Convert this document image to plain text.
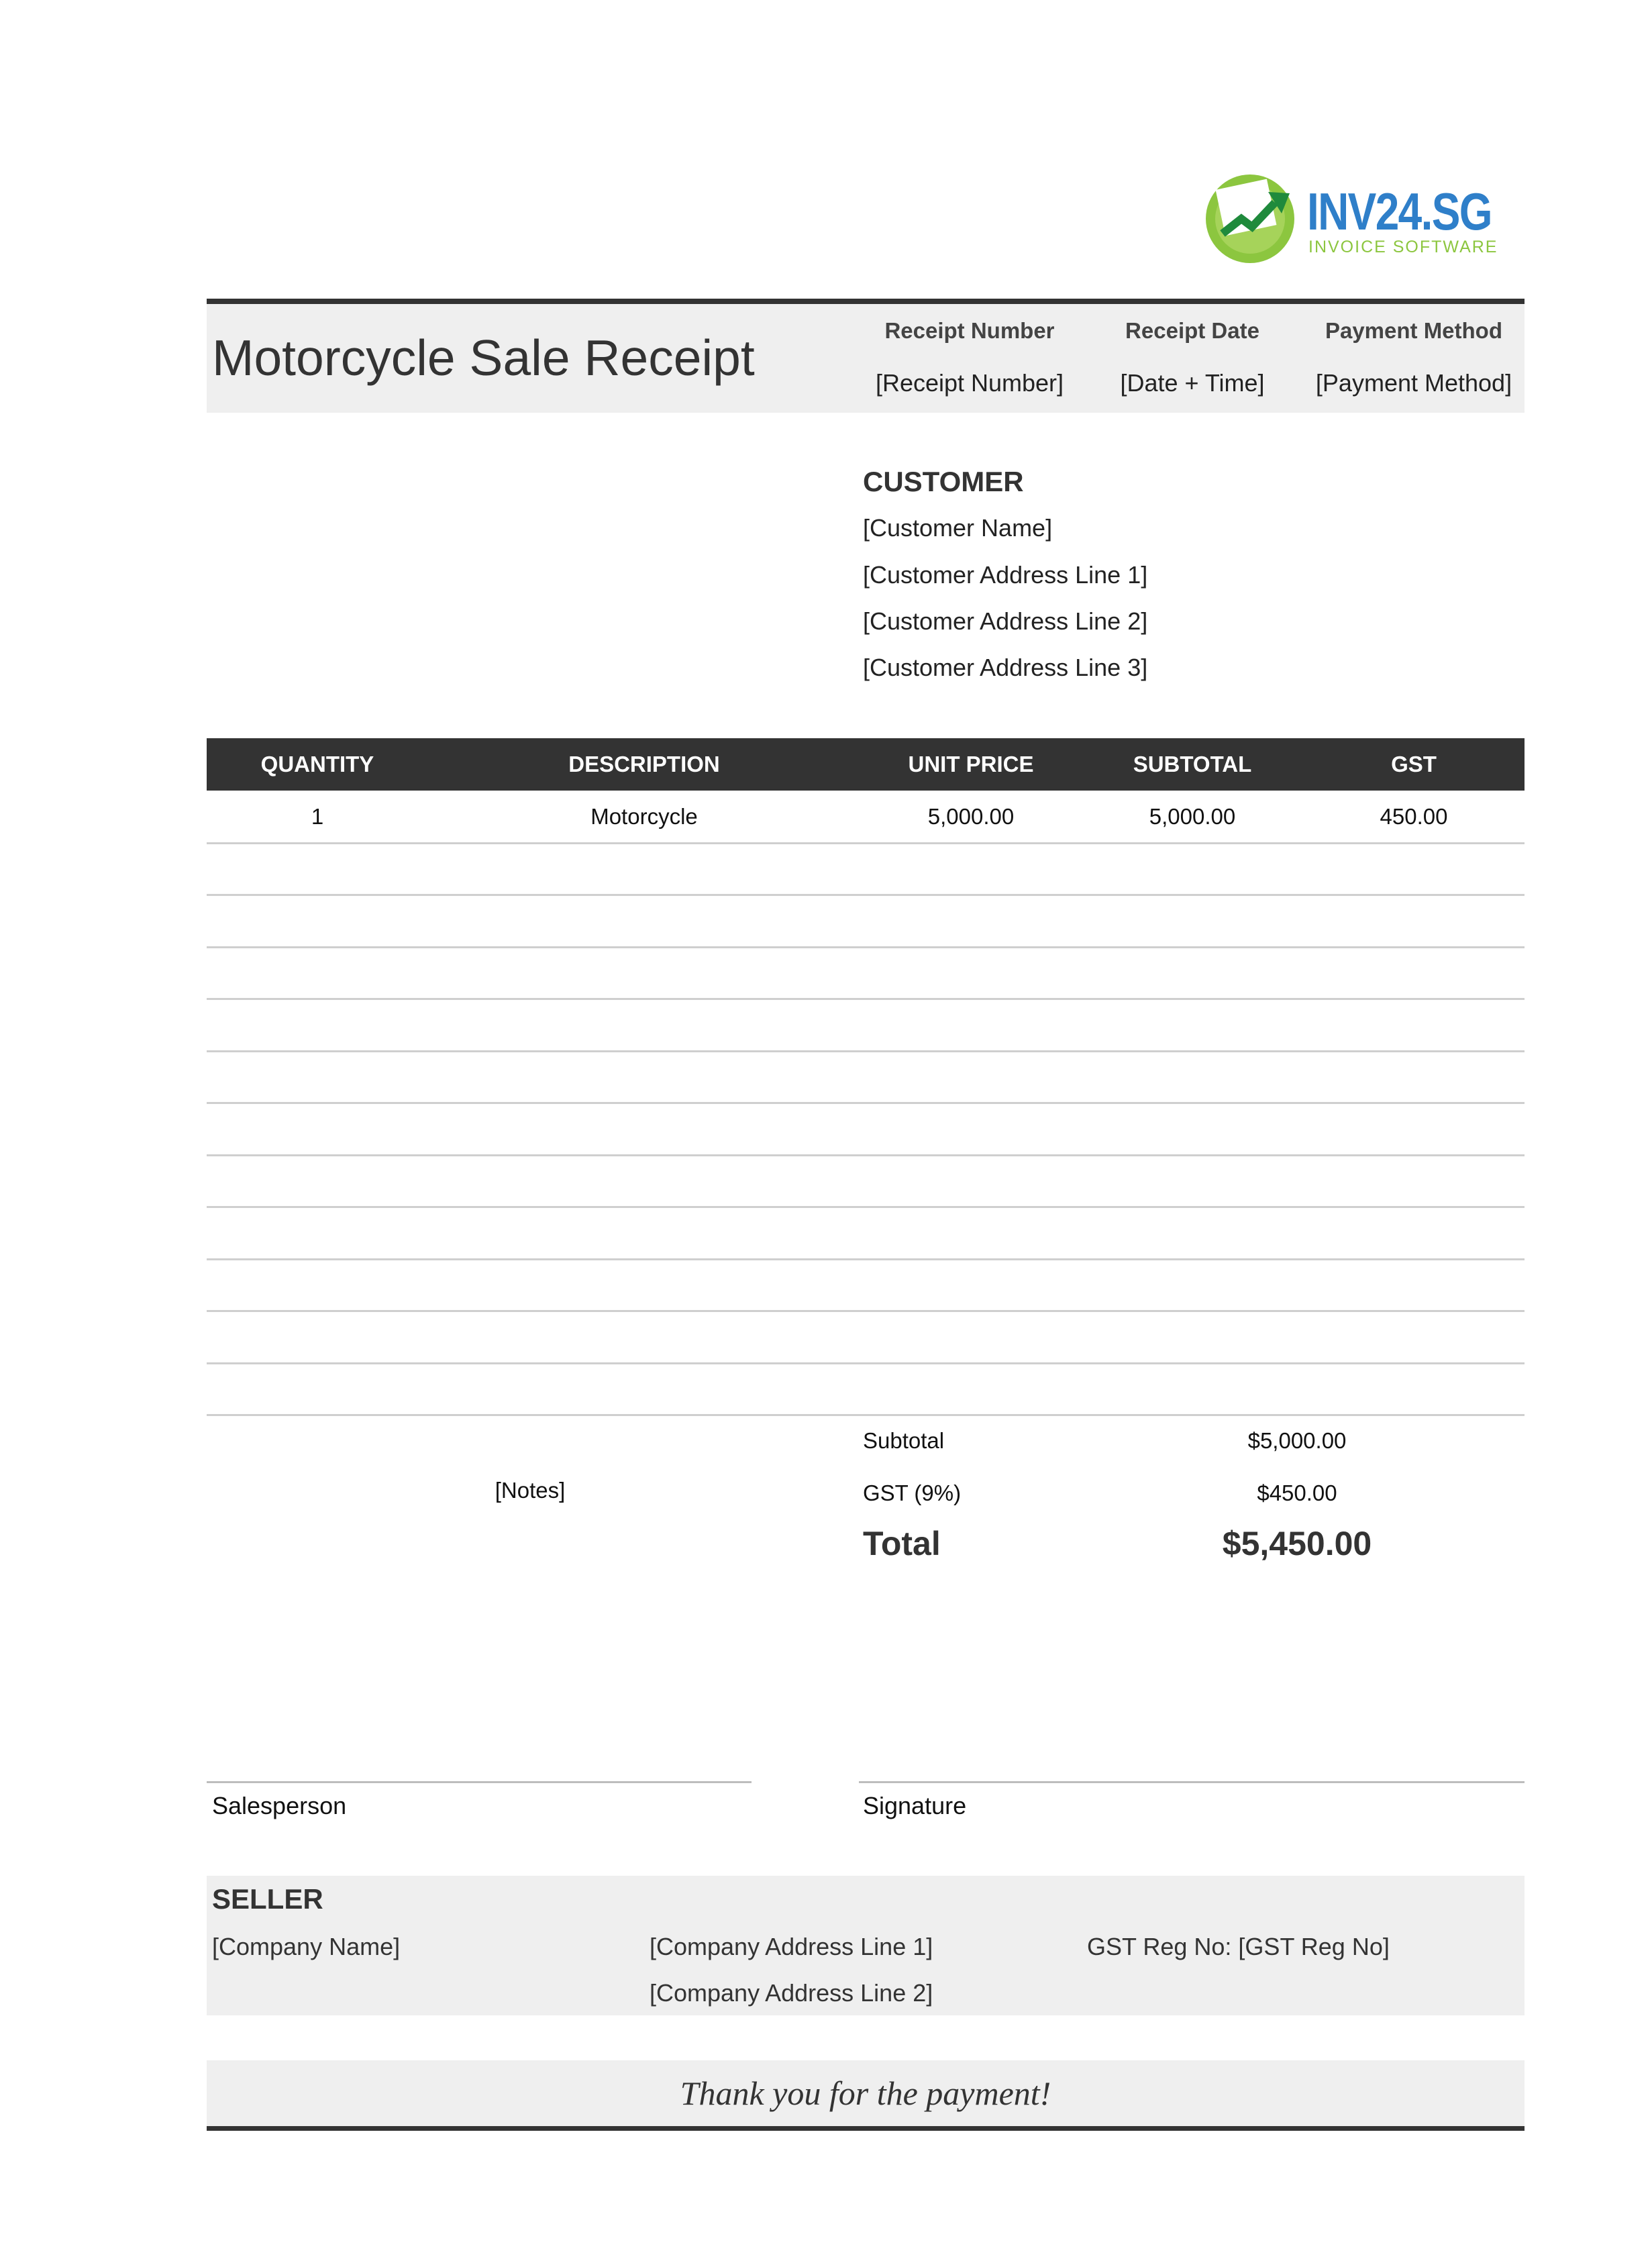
INV24.SG
INVOICE SOFTWARE
Motorcycle Sale Receipt	Receipt Number	Receipt Date	Payment Method
[Receipt Number]	[Date + Time]	[Payment Method]
CUSTOMER
[Customer Name]
[Customer Address Line 1]
[Customer Address Line 2]
[Customer Address Line 3]
QUANTITY	DESCRIPTION	UNIT PRICE	SUBTOTAL	GST
1	Motorcycle	5,000.00	5,000.00	450.00
Subtotal	$5,000.00
[Notes]	GST (9%)	$450.00
Total	$5,450.00
Salesperson	Signature
SELLER
[Company Name]	[Company Address Line 1]
[Company Address Line 2]
GST Reg No: [GST Reg No]
Thank you for the payment!
